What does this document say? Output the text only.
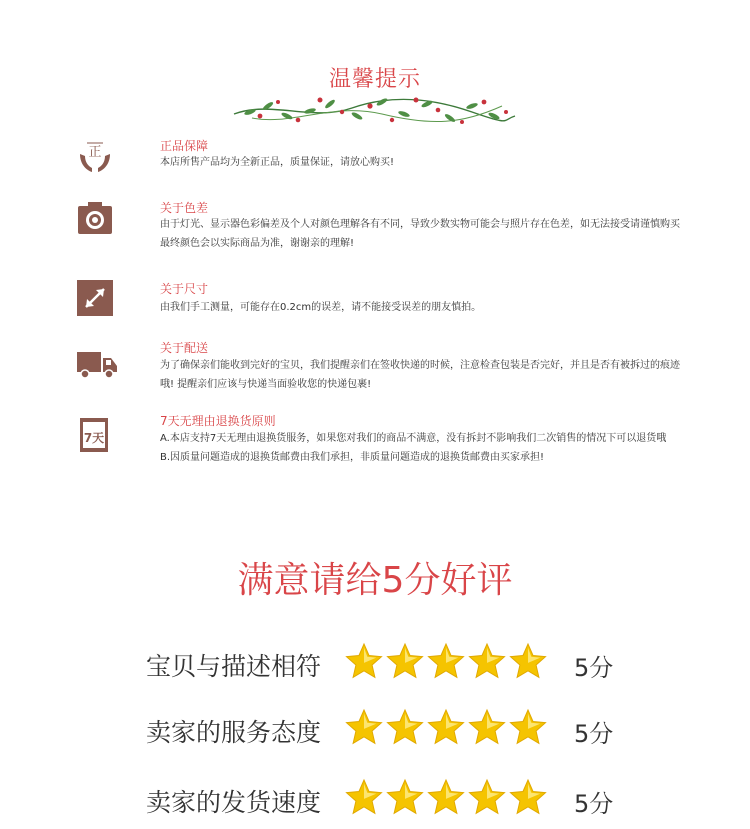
温馨提示
正	正品保障
本店所售产品均为全新正品，质量保证，请放心购买!
关于色差
由于灯光、显示器色彩偏差及个人对颜色理解各有不同，导致少数实物可能会与照片存在色差，如无法接受请谨慎购买
最终颜色会以实际商品为准，谢谢亲的理解!
关于尺寸
由我们手工测量，可能存在0.2cm的误差，请不能接受误差的朋友慎拍。
关于配送
为了确保亲们能收到完好的宝贝，我们提醒亲们在签收快递的时候，注意检查包装是否完好，并且是否有被拆过的痕迹
哦! 提醒亲们应该与快递当面验收您的快递包裹!
7天
7天无理由退换货原则
A.本店支持7天无理由退换货服务，如果您对我们的商品不满意，没有拆封不影响我们二次销售的情况下可以退货哦
B.因质量问题造成的退换货邮费由我们承担，非质量问题造成的退换货邮费由买家承担!
满意请给5分好评
宝贝与描述相符	5分
卖家的服务态度	5分
卖家的发货速度	5分
